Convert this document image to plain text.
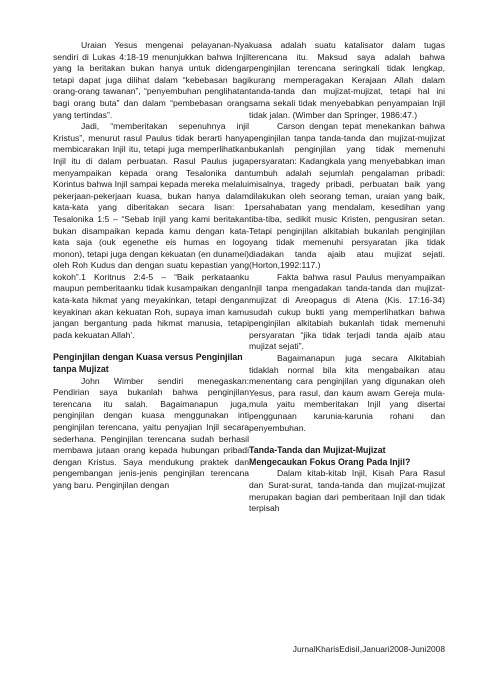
Uraian Yesus mengenai pelayanan-Nya sendiri di Lukas 4:18-19 menunjukkan bahwa Injil yang la beritakan bukan hanya untuk didengar tetapi dapat juga dilihat dalam “kebebasan bagi orang-orang tawanan”, “penyembuhan penglihatan bagi orang buta” dan dalam “pembebasan orang yang tertindas”.

Jadi, “memberitakan sepenuhnya injil Kristus”, menurut rasul Paulus tidak berarti hanya membicarakan Injil itu, tetapi juga memperlihatkan Injil itu di dalam perbuatan. Rasul Paulus juga menyampaikan kepada orang Tesalonika dan Korintus bahwa Injil sampai kepada mereka melalui pekerjaan-pekerjaan kuasa, bukan hanya dalam kata-kata yang diberitakan secara lisan: 1 Tesalonika 1:5 – “Sebab Injil yang kami beritakan bukan disampaikan kepada kamu dengan kata-kata saja (ouk egenethe eis humas en logo monon), tetapi juga dengan kekuatan (en dunamei) oleh Roh Kudus dan dengan suatu kepastian yang kokoh”.1 Koritnus 2:4-5 – “Baik perkataanku maupun pemberitaanku tidak kusampaikan dengan kata-kata hikmat yang meyakinkan, tetapi dengan keyakinan akan kekuatan Roh, supaya iman kamu jangan bergantung pada hikmat manusia, tetapi pada kekuatan Allah’.

Penginjilan dengan Kuasa versus Penginjilan tanpa Mujizat

John Wimber sendiri menegaskan: Pendirian saya bukanlah bahwa penginjilan terencana itu salah. Bagaimanapun juga, penginjilan dengan kuasa menggunakan inti penginjilan terencana, yaitu penyajian Injil secara sederhana. Penginjilan terencana sudah berhasil membawa jutaan orang kepada hubungan pribadi dengan Kristus. Saya mendukung praktek dan pengembangan jenis-jenis penginjilan terencana yang baru. Penginjilan dengan

kuasa adalah suatu katalisator dalam tugas terencana itu. Maksud saya adalah bahwa penginjilan terencana seringkali tidak lengkap, kurang memperagakan Kerajaan Allah dalam tanda-tanda dan mujizat-mujizat, tetapi hal ini sama sekali tidak menyebabkan penyampaian Injil tidak jalan. (Wimber dan Springer, 1986:47.)

Carson dengan tepat menekankan bahwa penginjilan tanpa tanda-tanda dan mujizat-mujizat bukanlah penginjilan yang tidak memenuhi persyaratan: Kadangkala yang menyebabkan iman tumbuh adalah sejumlah pengalaman pribadi: misalnya, tragedy pribadi, perbuatan baik yang dilakukan oleh seorang teman, uraian yang baik, persahabatan yang mendalam, kesedihan yang tiba-tiba, sedikit music Kristen, pengusiran setan. Tetapi penginjilan alkitabiah bukanlah penginjilan yang tidak memenuhi persyaratan jika tidak diadakan tanda ajaib atau mujizat sejati. (Horton,1992:117.)

Fakta bahwa rasul Paulus menyampaikan Injil tanpa mengadakan tanda-tanda dan mujizat-mujizat di Areopagus di Atena (Kis. 17:16-34) sudah cukup bukti yang memperlihatkan bahwa penginjilan alkitabiah bukanlah tidak memenuhi persyaratan “jika tidak terjadi tanda ajaib atau mujizat sejati”.

Bagaimanapun juga secara Alkitabiah tidaklah normal bila kita mengabaikan atau menentang cara penginjilan yang digunakan oleh Yesus, para rasul, dan kaum awam Gereja mula-mula yaitu memberitakan Injil yang disertai penggunaan karunia-karunia rohani dan penyembuhan.

Tanda-Tanda dan Mujizat-Mujizat Mengecaukan Fokus Orang Pada Injil?

Dalam kitab-kitab Injil, Kisah Para Rasul dan Surat-surat, tanda-tanda dan mujizat-mujizat merupakan bagian dari pemberitaan Injil dan tidak terpisah

JurnalKharisEdisiI,Januari2008-Juni2008
